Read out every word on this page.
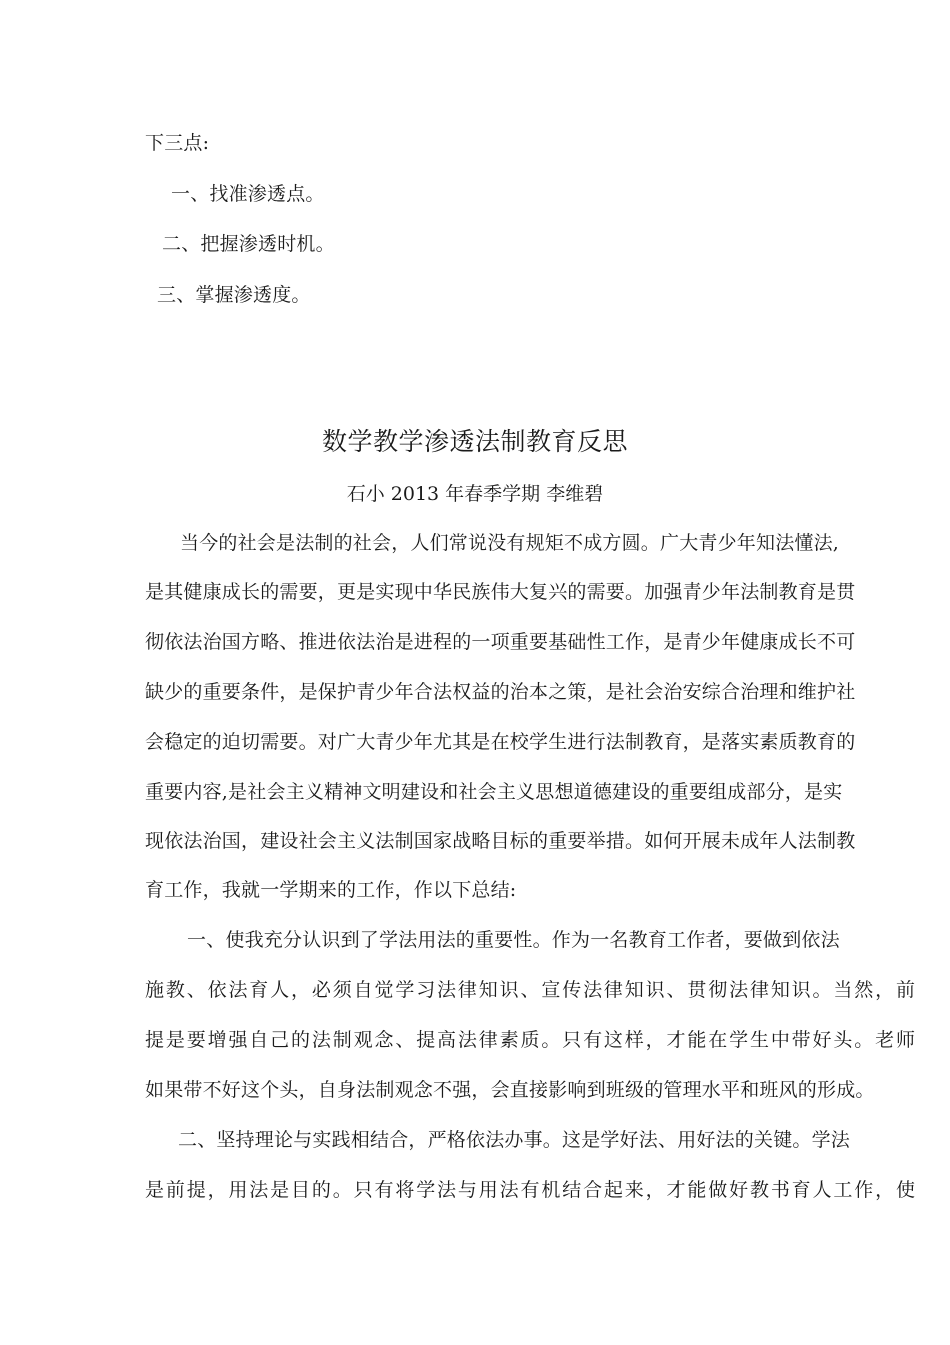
下三点:
一、找准渗透点。
二、把握渗透时机。
三、掌握渗透度。
数学教学渗透法制教育反思
石小 2013 年春季学期 李维碧
当今的社会是法制的社会，人们常说没有规矩不成方圆。广大青少年知法懂法,
是其健康成长的需要，更是实现中华民族伟大复兴的需要。加强青少年法制教育是贯
彻依法治国方略、推进依法治是进程的一项重要基础性工作，是青少年健康成长不可
缺少的重要条件，是保护青少年合法权益的治本之策，是社会治安综合治理和维护社
会稳定的迫切需要。对广大青少年尤其是在校学生进行法制教育，是落实素质教育的
重要内容,是社会主义精神文明建设和社会主义思想道德建设的重要组成部分，是实
现依法治国，建设社会主义法制国家战略目标的重要举措。如何开展未成年人法制教
育工作，我就一学期来的工作，作以下总结:
一、使我充分认识到了学法用法的重要性。作为一名教育工作者，要做到依法
施教、依法育人，必须自觉学习法律知识、宣传法律知识、贯彻法律知识。当然，前
提是要增强自己的法制观念、提高法律素质。只有这样，才能在学生中带好头。老师
如果带不好这个头，自身法制观念不强，会直接影响到班级的管理水平和班风的形成。
二、坚持理论与实践相结合，严格依法办事。这是学好法、用好法的关键。学法
是前提，用法是目的。只有将学法与用法有机结合起来，才能做好教书育人工作，使
